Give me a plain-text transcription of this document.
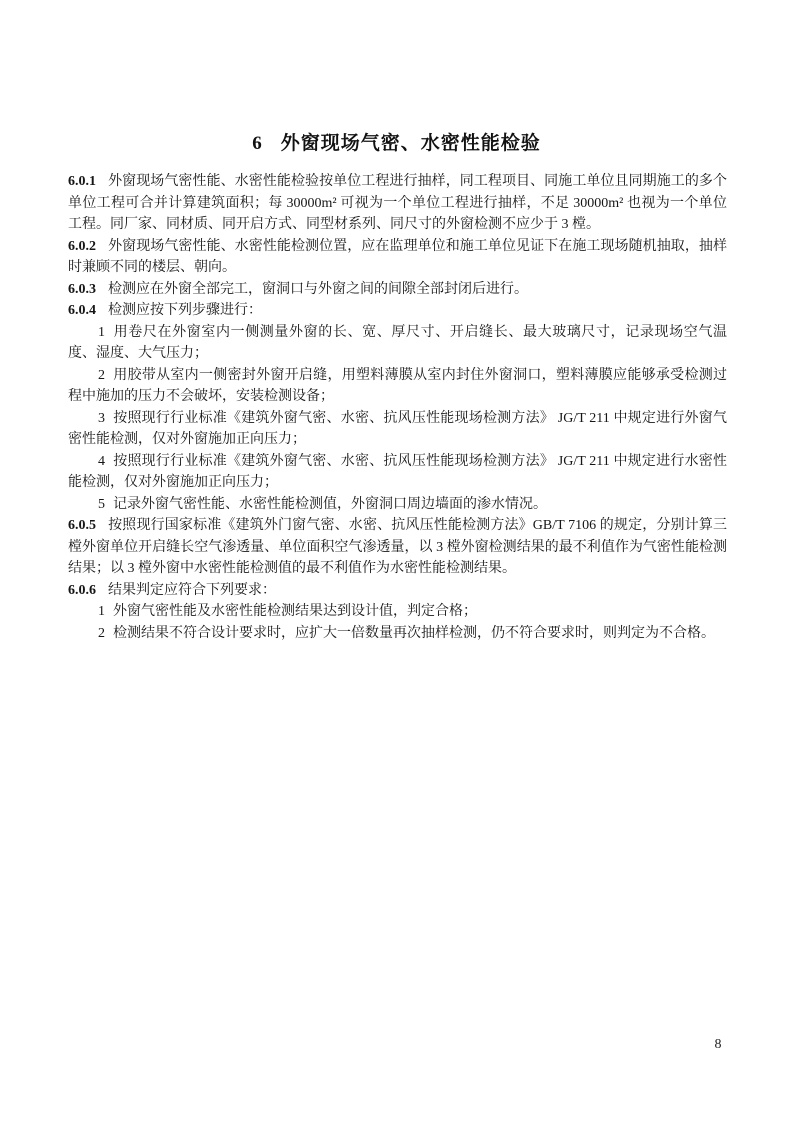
6 外窗现场气密、水密性能检验

6.0.1 外窗现场气密性能、水密性能检验按单位工程进行抽样，同工程项目、同施工单位且同期施工的多个单位工程可合并计算建筑面积；每 30000m² 可视为一个单位工程进行抽样，不足 30000m² 也视为一个单位工程。同厂家、同材质、同开启方式、同型材系列、同尺寸的外窗检测不应少于 3 樘。

6.0.2 外窗现场气密性能、水密性能检测位置，应在监理单位和施工单位见证下在施工现场随机抽取，抽样时兼顾不同的楼层、朝向。

6.0.3 检测应在外窗全部完工，窗洞口与外窗之间的间隙全部封闭后进行。

6.0.4 检测应按下列步骤进行：

1 用卷尺在外窗室内一侧测量外窗的长、宽、厚尺寸、开启缝长、最大玻璃尺寸，记录现场空气温度、湿度、大气压力；

2 用胶带从室内一侧密封外窗开启缝，用塑料薄膜从室内封住外窗洞口，塑料薄膜应能够承受检测过程中施加的压力不会破坏，安装检测设备；

3 按照现行行业标准《建筑外窗气密、水密、抗风压性能现场检测方法》 JG/T 211 中规定进行外窗气密性能检测，仅对外窗施加正向压力；

4 按照现行行业标准《建筑外窗气密、水密、抗风压性能现场检测方法》 JG/T 211 中规定进行水密性能检测，仅对外窗施加正向压力；

5 记录外窗气密性能、水密性能检测值，外窗洞口周边墙面的渗水情况。

6.0.5 按照现行国家标准《建筑外门窗气密、水密、抗风压性能检测方法》GB/T 7106 的规定，分别计算三樘外窗单位开启缝长空气渗透量、单位面积空气渗透量，以 3 樘外窗检测结果的最不利值作为气密性能检测结果；以 3 樘外窗中水密性能检测值的最不利值作为水密性能检测结果。

6.0.6 结果判定应符合下列要求：

1 外窗气密性能及水密性能检测结果达到设计值，判定合格；

2 检测结果不符合设计要求时，应扩大一倍数量再次抽样检测，仍不符合要求时，则判定为不合格。

8
